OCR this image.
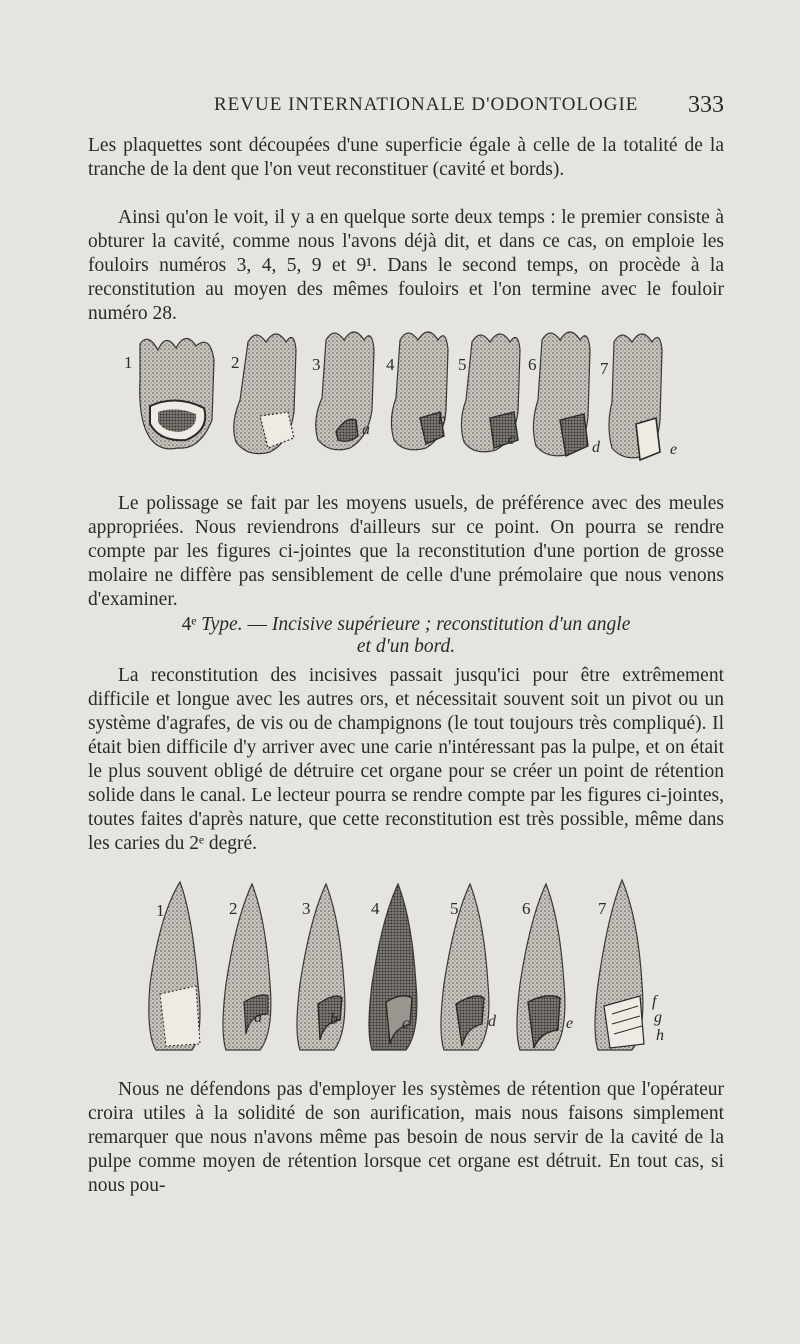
REVUE INTERNATIONALE D'ODONTOLOGIE 333

Les plaquettes sont découpées d'une superficie égale à celle de la totalité de la tranche de la dent que l'on veut reconstituer (cavité et bords).

Ainsi qu'on le voit, il y a en quelque sorte deux temps : le premier consiste à obturer la cavité, comme nous l'avons déjà dit, et dans ce cas, on emploie les fouloirs numéros 3, 4, 5, 9 et 9¹. Dans le second temps, on procède à la reconstitution au moyen des mêmes fouloirs et l'on termine avec le fouloir numéro 28.

1	2	3	4	5	6	7
a
b
c	d	e

Le polissage se fait par les moyens usuels, de préférence avec des meules appropriées. Nous reviendrons d'ailleurs sur ce point. On pourra se rendre compte par les figures ci-jointes que la reconstitution d'une portion de grosse molaire ne diffère pas sensiblement de celle d'une prémolaire que nous venons d'examiner.

4ᵉ Type. — Incisive supérieure ; reconstitution d'un angle
et d'un bord.

La reconstitution des incisives passait jusqu'ici pour être extrêmement difficile et longue avec les autres ors, et nécessitait souvent soit un pivot ou un système d'agrafes, de vis ou de champignons (le tout toujours très compliqué). Il était bien difficile d'y arriver avec une carie n'intéressant pas la pulpe, et on était le plus souvent obligé de détruire cet organe pour se créer un point de rétention solide dans le canal. Le lecteur pourra se rendre compte par les figures ci-jointes, toutes faites d'après nature, que cette reconstitution est très possible, même dans les caries du 2ᵉ degré.

1	2	3	4	5	6	7
a	b	c	d	e
f
g
h

Nous ne défendons pas d'employer les systèmes de rétention que l'opérateur croira utiles à la solidité de son aurification, mais nous faisons simplement remarquer que nous n'avons même pas besoin de nous servir de la cavité de la pulpe comme moyen de rétention lorsque cet organe est détruit. En tout cas, si nous pou-
